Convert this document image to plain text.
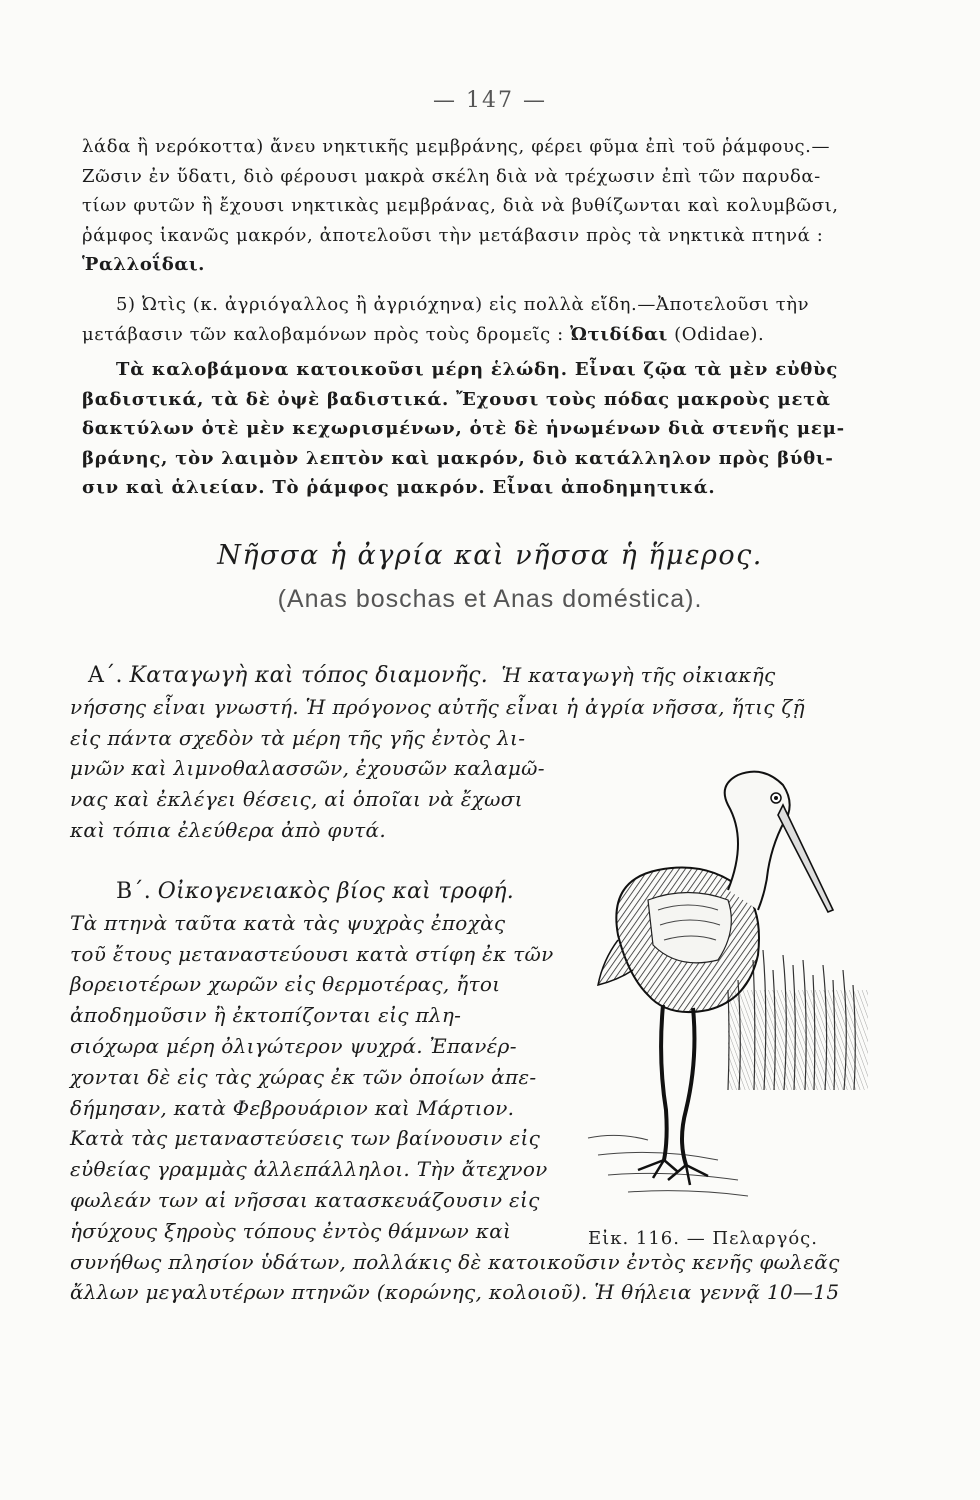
— 147 —
λάδα ἢ νερόκοττα) ἄνευ νηκτικῆς μεμβράνης, φέρει φῦμα ἐπὶ τοῦ ῥάμφους.—
Ζῶσιν ἐν ὕδατι, διὸ φέρουσι μακρὰ σκέλη διὰ νὰ τρέχωσιν ἐπὶ τῶν παρυδα-
τίων φυτῶν ἢ ἔχουσι νηκτικὰς μεμβράνας, διὰ νὰ βυθίζωνται καὶ κολυμβῶσι,
ῥάμφος ἱκανῶς μακρόν, ἀποτελοῦσι τὴν μετάβασιν πρὸς τὰ νηκτικὰ πτηνά :
Ῥαλλοΐδαι.
5) Ὠτὶς (κ. ἀγριόγαλλος ἢ ἀγριόχηνα) εἰς πολλὰ εἴδη.—Ἀποτελοῦσι τὴν
μετάβασιν τῶν καλοβαμόνων πρὸς τοὺς δρομεῖς : Ὠτιδίδαι (Odidae).
Τὰ καλοβάμονα κατοικοῦσι μέρη ἑλώδη. Εἶναι ζῷα τὰ μὲν εὐθὺς
βαδιστικά, τὰ δὲ ὀψὲ βαδιστικά. Ἔχουσι τοὺς πόδας μακροὺς μετὰ
δακτύλων ὁτὲ μὲν κεχωρισμένων, ὁτὲ δὲ ἡνωμένων διὰ στενῆς μεμ-
βράνης, τὸν λαιμὸν λεπτὸν καὶ μακρόν, διὸ κατάλληλον πρὸς βύθι-
σιν καὶ ἁλιείαν. Τὸ ῥάμφος μακρόν. Εἶναι ἀποδημητικά.
Νῆσσα ἡ ἀγρία καὶ νῆσσα ἡ ἥμερος.
(Anas boschas et Anas doméstica).
Α΄. Καταγωγὴ καὶ τόπος διαμονῆς. Ἡ καταγωγὴ τῆς οἰκιακῆς
νήσσης εἶναι γνωστή. Ἡ πρόγονος αὐτῆς εἶναι ἡ ἀγρία νῆσσα, ἥτις ζῇ
εἰς πάντα σχεδὸν τὰ μέρη τῆς γῆς ἐντὸς λι-
μνῶν καὶ λιμνοθαλασσῶν, ἐχουσῶν καλαμῶ-
νας καὶ ἐκλέγει θέσεις, αἱ ὁποῖαι νὰ ἔχωσι
καὶ τόπια ἐλεύθερα ἀπὸ φυτά.
Β΄. Οἰκογενειακὸς βίος καὶ τροφή.
Τὰ πτηνὰ ταῦτα κατὰ τὰς ψυχρὰς ἐποχὰς
τοῦ ἔτους μεταναστεύουσι κατὰ στίφη ἐκ τῶν
βορειοτέρων χωρῶν εἰς θερμοτέρας, ἤτοι
ἀποδημοῦσιν ἢ ἐκτοπίζονται εἰς πλη-
σιόχωρα μέρη ὀλιγώτερον ψυχρά. Ἐπανέρ-
χονται δὲ εἰς τὰς χώρας ἐκ τῶν ὁποίων ἀπε-
δήμησαν, κατὰ Φεβρουάριον καὶ Μάρτιον.
Κατὰ τὰς μεταναστεύσεις των βαίνουσιν εἰς
εὐθείας γραμμὰς ἀλλεπάλληλοι. Τὴν ἄτεχνον
φωλεάν των αἱ νῆσσαι κατασκευάζουσιν εἰς
ἡσύχους ξηροὺς τόπους ἐντὸς θάμνων καὶ
συνήθως πλησίον ὑδάτων, πολλάκις δὲ κατοικοῦσιν ἐντὸς κενῆς φωλεᾶς
ἄλλων μεγαλυτέρων πτηνῶν (κορώνης, κολοιοῦ). Ἡ θήλεια γεννᾷ 10—15
Εἰκ. 116. — Πελαργός.
